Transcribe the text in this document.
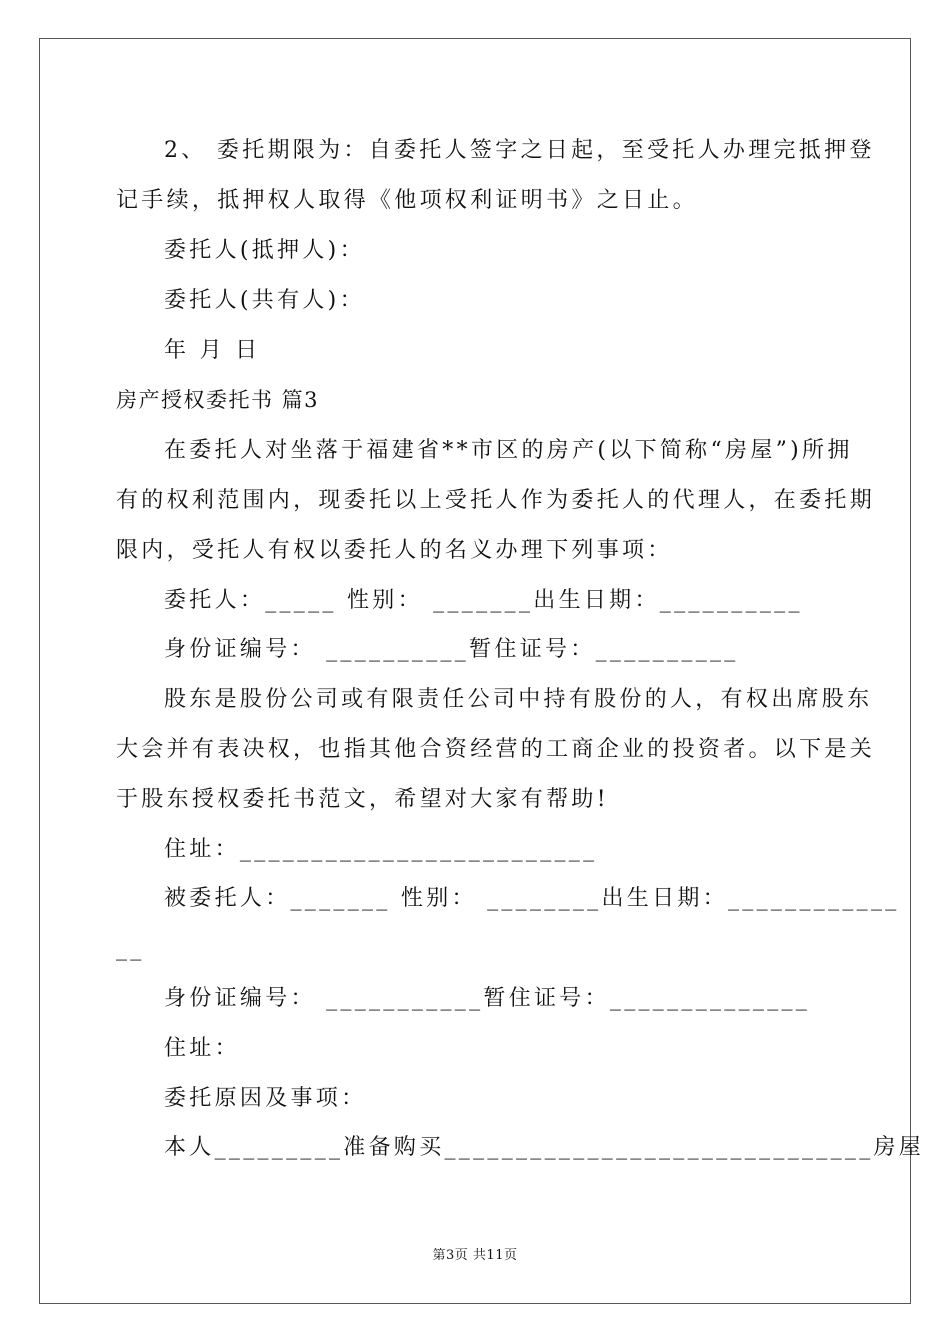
2、 委托期限为：自委托人签字之日起，至受托人办理完抵押登
记手续，抵押权人取得《他项权利证明书》之日止。
委托人(抵押人)：
委托人(共有人)：
年 月 日
房产授权委托书 篇3
在委托人对坐落于福建省**市区的房产(以下简称“房屋”)所拥
有的权利范围内，现委托以上受托人作为委托人的代理人，在委托期
限内，受托人有权以委托人的名义办理下列事项：
委托人：_____ 性别： _______出生日期：__________
身份证编号： __________暂住证号：__________
股东是股份公司或有限责任公司中持有股份的人，有权出席股东
大会并有表决权，也指其他合资经营的工商企业的投资者。以下是关
于股东授权委托书范文，希望对大家有帮助!
住址：_________________________
被委托人：_______ 性别： ________出生日期：____________
__
身份证编号： ___________暂住证号：______________
住址：
委托原因及事项：
本人_________准备购买______________________________房屋
第3页 共11页
